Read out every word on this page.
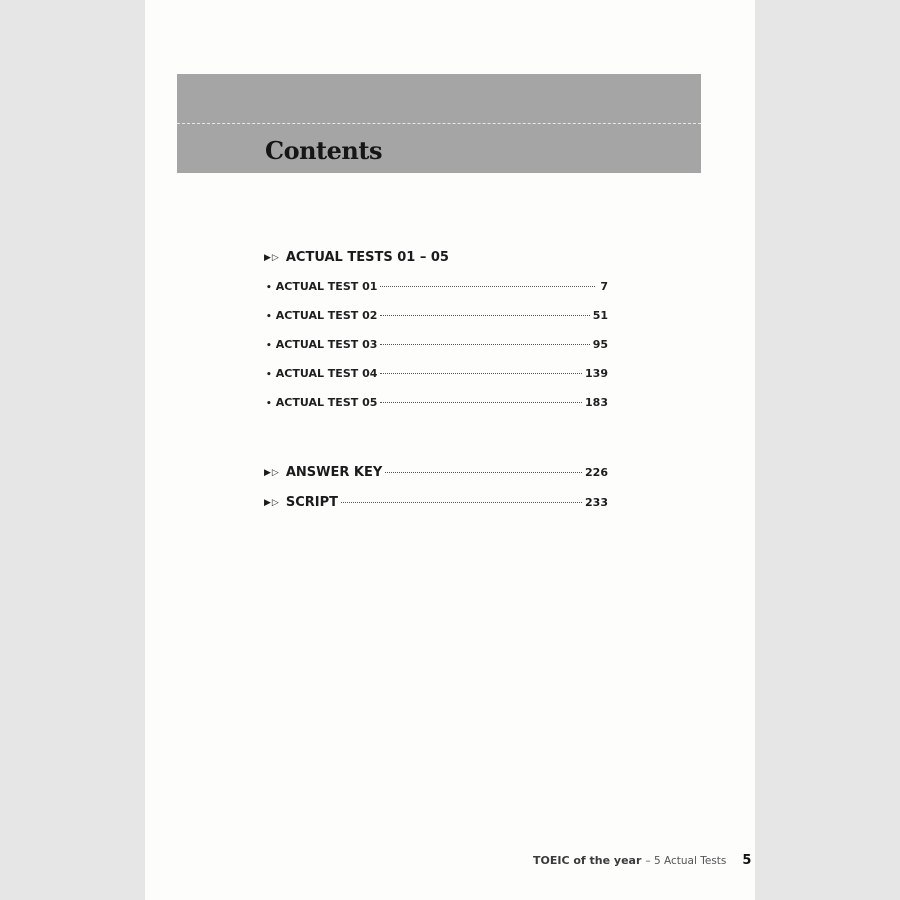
Contents
▶▷ ACTUAL TESTS 01 – 05
• ACTUAL TEST 01	7
• ACTUAL TEST 02	51
• ACTUAL TEST 03	95
• ACTUAL TEST 04	139
• ACTUAL TEST 05	183
▶▷ ANSWER KEY	226
▶▷ SCRIPT	233
TOEIC of the year – 5 Actual Tests 5
